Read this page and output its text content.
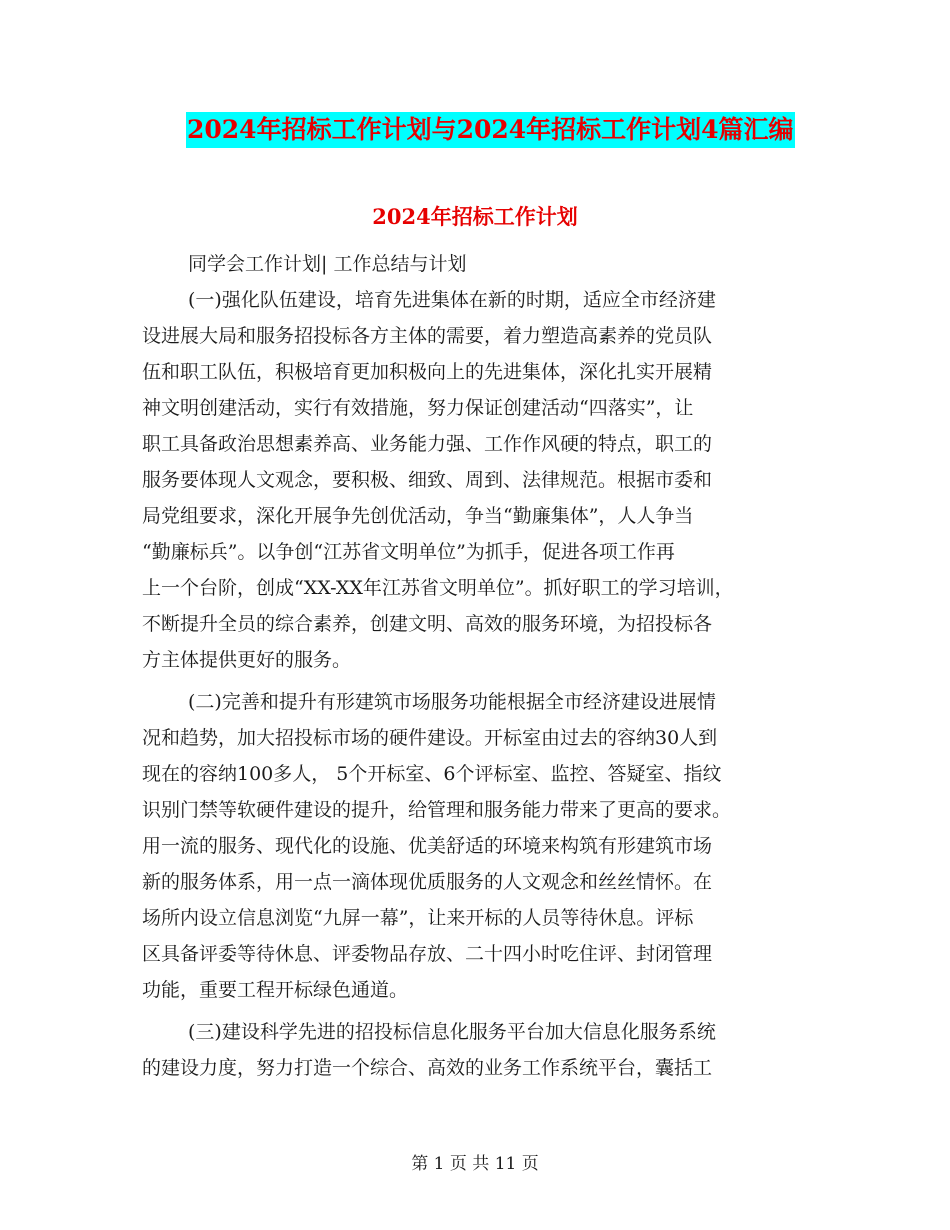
2024年招标工作计划与2024年招标工作计划4篇汇编
2024年招标工作计划

同学会工作计划| 工作总结与计划

(一)强化队伍建设，培育先进集体在新的时期，适应全市经济建
设进展大局和服务招投标各方主体的需要，着力塑造高素养的党员队
伍和职工队伍，积极培育更加积极向上的先进集体，深化扎实开展精
神文明创建活动，实行有效措施，努力保证创建活动“四落实”，让
职工具备政治思想素养高、业务能力强、工作作风硬的特点，职工的
服务要体现人文观念，要积极、细致、周到、法律规范。根据市委和
局党组要求，深化开展争先创优活动，争当“勤廉集体”，人人争当
“勤廉标兵”。以争创“江苏省文明单位”为抓手，促进各项工作再
上一个台阶，创成“XX-XX年江苏省文明单位”。抓好职工的学习培训，
不断提升全员的综合素养，创建文明、高效的服务环境，为招投标各
方主体提供更好的服务。
(二)完善和提升有形建筑市场服务功能根据全市经济建设进展情
况和趋势，加大招投标市场的硬件建设。开标室由过去的容纳30人到
现在的容纳100多人， 5个开标室、6个评标室、监控、答疑室、指纹
识别门禁等软硬件建设的提升，给管理和服务能力带来了更高的要求。
用一流的服务、现代化的设施、优美舒适的环境来构筑有形建筑市场
新的服务体系，用一点一滴体现优质服务的人文观念和丝丝情怀。在
场所内设立信息浏览“九屏一幕”，让来开标的人员等待休息。评标
区具备评委等待休息、评委物品存放、二十四小时吃住评、封闭管理
功能，重要工程开标绿色通道。
(三)建设科学先进的招投标信息化服务平台加大信息化服务系统
的建设力度，努力打造一个综合、高效的业务工作系统平台，囊括工
第 1 页 共 11 页
